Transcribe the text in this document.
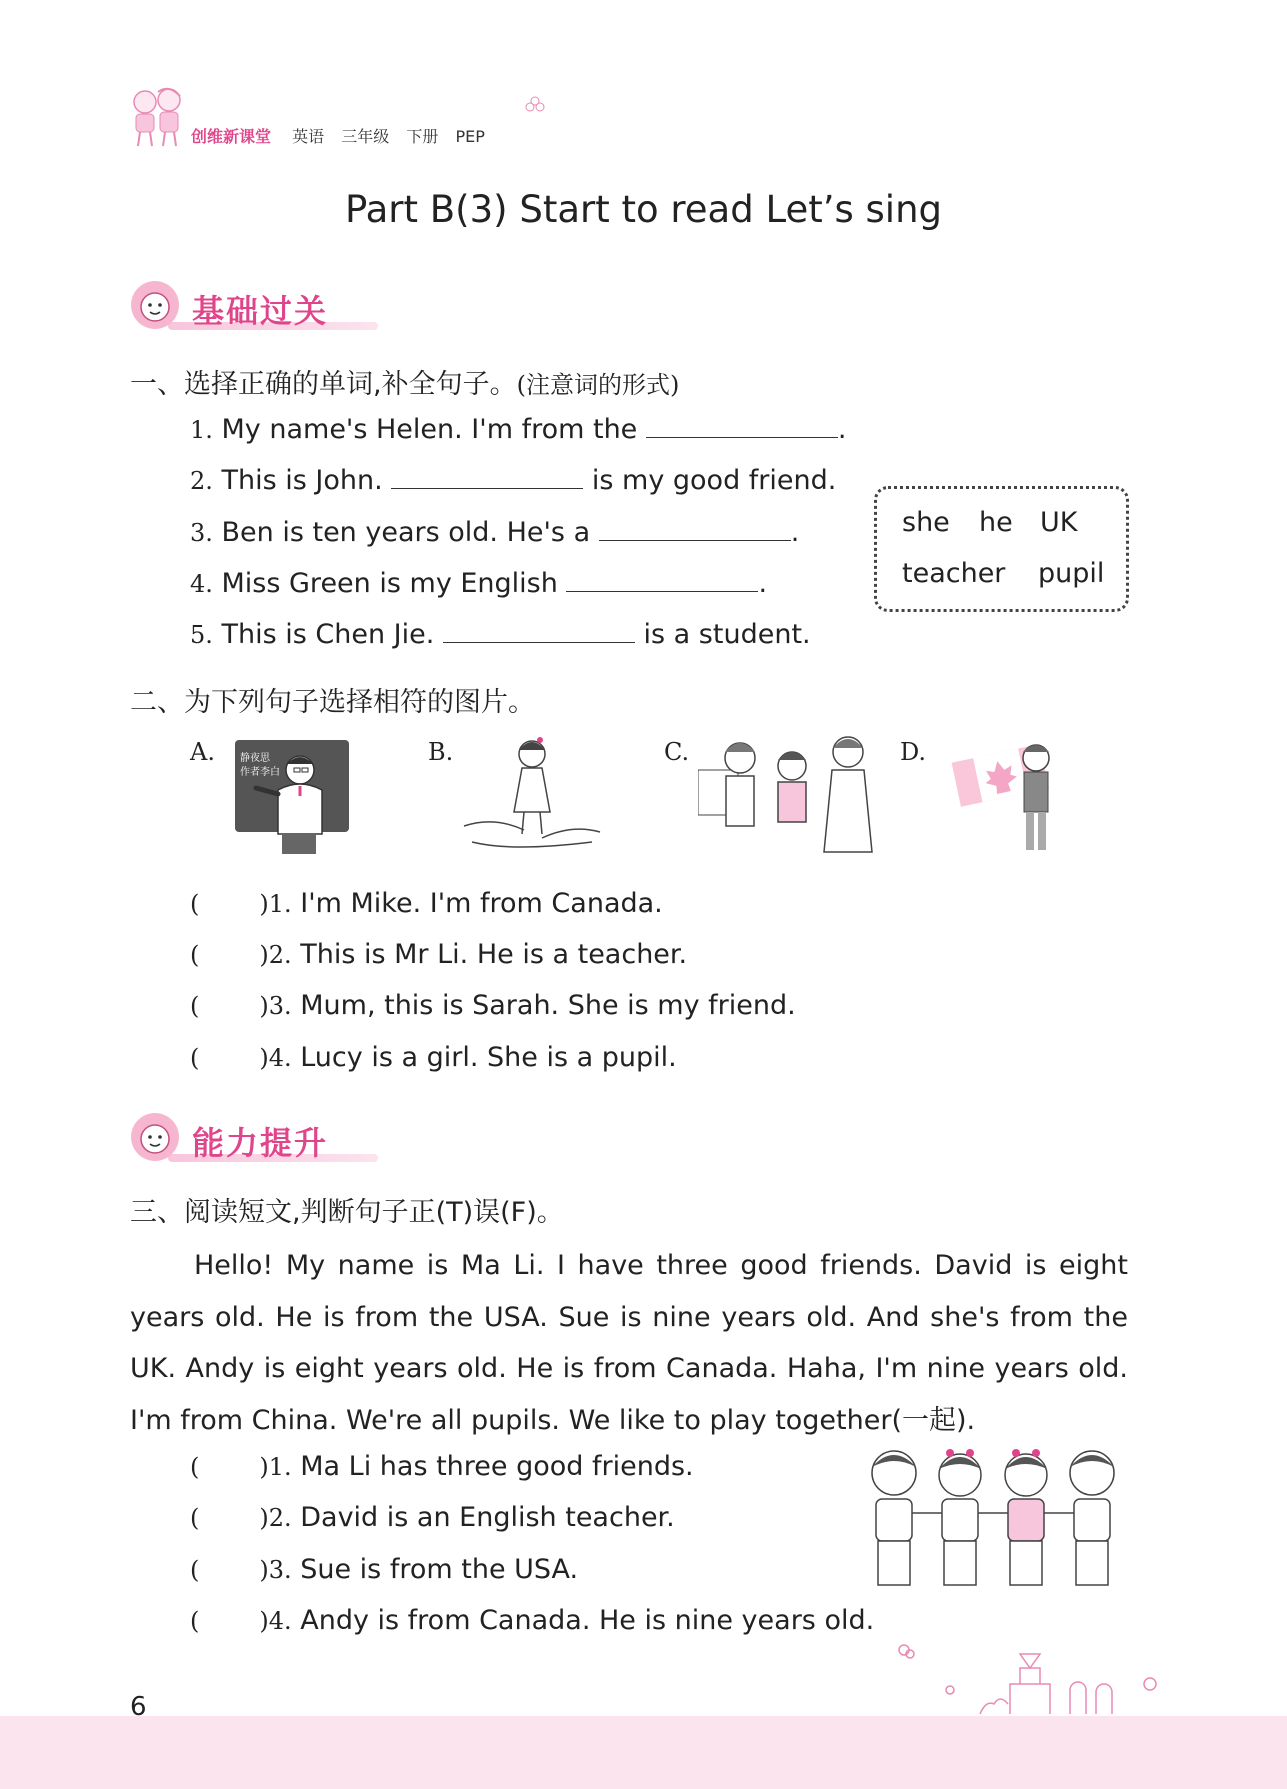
创维新课堂 英语 三年级 下册 PEP
Part B(3) Start to read Let’s sing
基础过关
一、选择正确的单词,补全句子。(注意词的形式)
1. My name's Helen. I'm from the	.
2. This is John.	is my good friend.
3. Ben is ten years old. He's a	.
4. Miss Green is my English	.
5. This is Chen Jie.	is a student.
she he UK
teacher pupil
二、为下列句子选择相符的图片。
A.	B.	C.	D.
静夜思
作者李白
(	)1. I'm Mike. I'm from Canada.
(	)2. This is Mr Li. He is a teacher.
(	)3. Mum, this is Sarah. She is my friend.
(	)4. Lucy is a girl. She is a pupil.
能力提升
三、阅读短文,判断句子正(T)误(F)。
Hello! My name is Ma Li. I have three good friends. David is eight years old. He is from the USA. Sue is nine years old. And she's from the UK. Andy is eight years old. He is from Canada. Haha, I'm nine years old. I'm from China. We're all pupils. We like to play together(一起).
(	)1. Ma Li has three good friends.
(	)2. David is an English teacher.
(	)3. Sue is from the USA.
(	)4. Andy is from Canada. He is nine years old.
6
